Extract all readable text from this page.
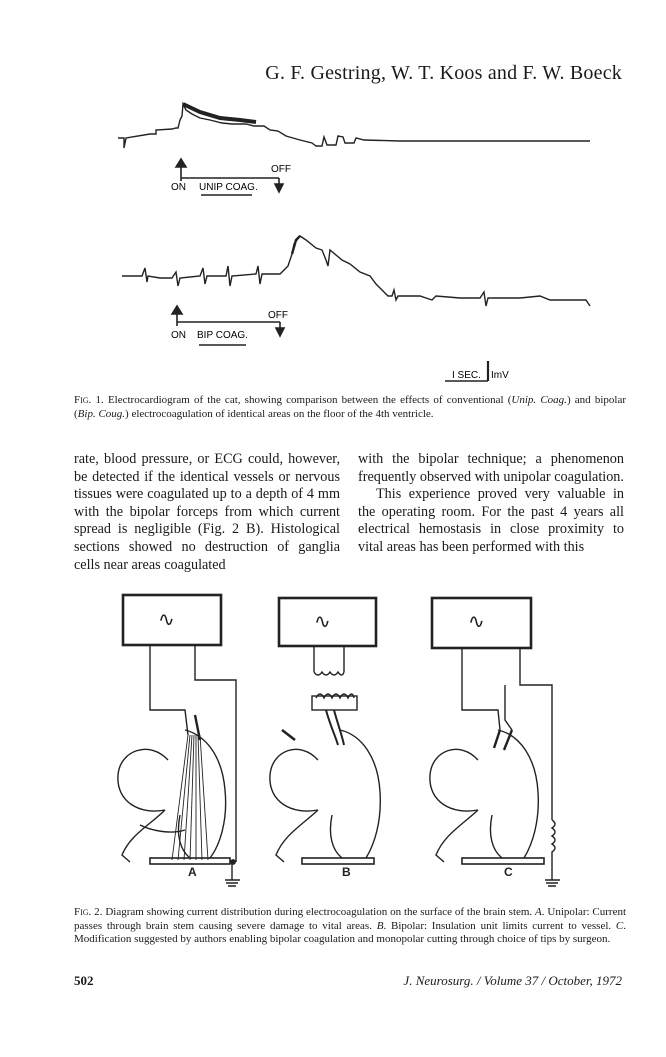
G. F. Gestring, W. T. Koos and F. W. Boeck
ON UNIP COAG.
OFF
ON BIP COAG.
OFF
I SEC. ImV
Fig. 1. Electrocardiogram of the cat, showing comparison between the effects of conventional (Unip. Coag.) and bipolar (Bip. Coug.) electrocoagulation of identical areas on the floor of the 4th ventricle.

rate, blood pressure, or ECG could, however, be detected if the identical vessels or nervous tissues were coagulated up to a depth of 4 mm with the bipolar forceps from which current spread is negligible (Fig. 2 B). Histological sections showed no destruction of ganglia cells near areas coagulated

with the bipolar technique; a phenomenon frequently observed with unipolar coagulation.

This experience proved very valuable in the operating room. For the past 4 years all electrical hemostasis in close proximity to vital areas has been performed with this

∿	∿	∿
A	B	C
Fig. 2. Diagram showing current distribution during electrocoagulation on the surface of the brain stem. A. Unipolar: Current passes through brain stem causing severe damage to vital areas. B. Bipolar: Insulation unit limits current to vessel. C. Modification suggested by authors enabling bipolar coagulation and monopolar cutting through choice of tips by surgeon.
502	J. Neurosurg. / Volume 37 / October, 1972
